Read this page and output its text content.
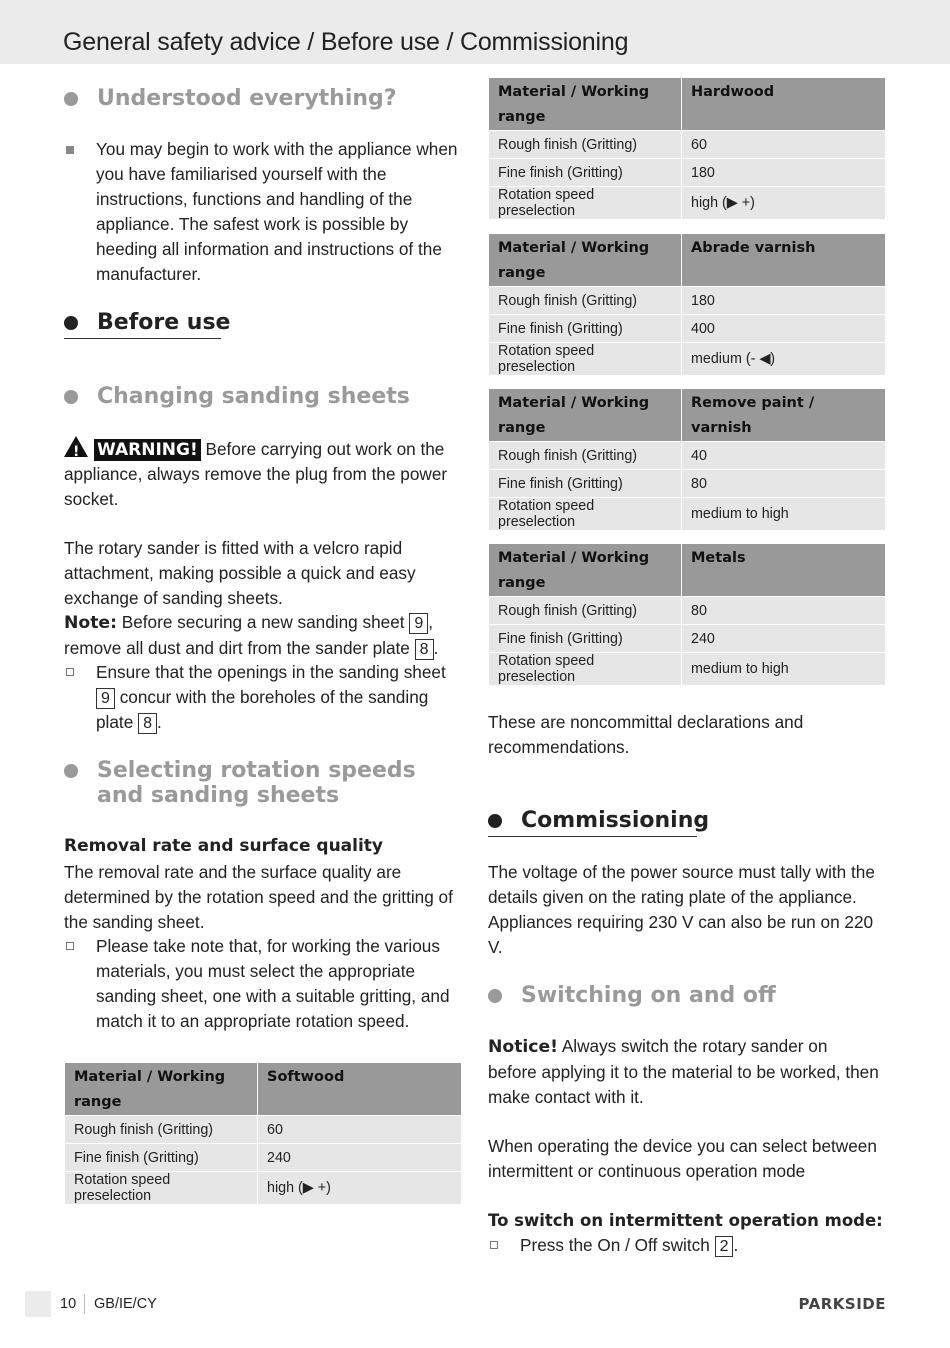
General safety advice / Before use / Commissioning
Understood everything?
You may begin to work with the appliance when you have familiarised yourself with the instructions, functions and handling of the appliance. The safest work is possible by heeding all information and instructions of the manufacturer.
Before use
Changing sanding sheets
!WARNING! Before carrying out work on the appliance, always remove the plug from the power socket.
The rotary sander is fitted with a velcro rapid attachment, making possible a quick and easy exchange of sanding sheets.
Note: Before securing a new sanding sheet 9 , remove all dust and dirt from the sander plate 8 .
Ensure that the openings in the sanding sheet 9 concur with the boreholes of the sanding plate 8 .
Selecting rotation speeds
and sanding sheets
Removal rate and surface quality
The removal rate and the surface quality are determined by the rotation speed and the gritting of the sanding sheet.
Please take note that, for working the various materials, you must select the appropriate sanding sheet, one with a suitable gritting, and match it to an appropriate rotation speed.
Material / Working range	Softwood
Rough finish (Gritting)	60
Fine finish (Gritting)	240
Rotation speed preselection	high (▶ +)
Material / Working range	Hardwood
Rough finish (Gritting)	60
Fine finish (Gritting)	180
Rotation speed preselection	high (▶ +)
Material / Working range	Abrade varnish
Rough finish (Gritting)	180
Fine finish (Gritting)	400
Rotation speed preselection	medium (- ◀)
Material / Working range	Remove paint / varnish
Rough finish (Gritting)	40
Fine finish (Gritting)	80
Rotation speed preselection	medium to high
Material / Working range	Metals
Rough finish (Gritting)	80
Fine finish (Gritting)	240
Rotation speed preselection	medium to high
These are noncommittal declarations and recommendations.
Commissioning
The voltage of the power source must tally with the details given on the rating plate of the appliance. Appliances requiring 230 V can also be run on 220 V.
Switching on and off
Notice! Always switch the rotary sander on before applying it to the material to be worked, then make contact with it.
When operating the device you can select between intermittent or continuous operation mode
To switch on intermittent operation mode:
Press the On / Off switch 2 .
10 GB/IE/CY	PARKSIDE
